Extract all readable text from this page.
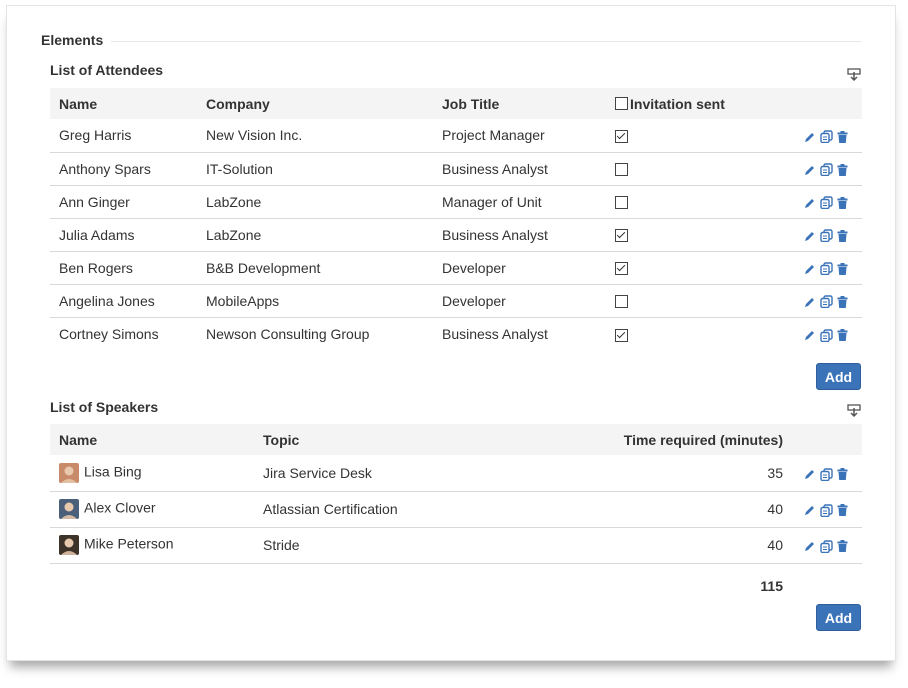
Elements
List of Attendees
Name	Company	Job Title	Invitation sent	
Greg Harris	New Vision Inc.	Project Manager		

Anthony Spars	IT-Solution	Business Analyst		

Ann Ginger	LabZone	Manager of Unit		

Julia Adams	LabZone	Business Analyst		

Ben Rogers	B&B Development	Developer		

Angelina Jones	MobileApps	Developer		

Cortney Simons	Newson Consulting Group	Business Analyst		
Add
List of Speakers
Name	Topic	Time required (minutes)	
Lisa Bing	Jira Service Desk	35	

Alex Clover	Atlassian Certification	40	

Mike Peterson	Stride	40	
115
Add
